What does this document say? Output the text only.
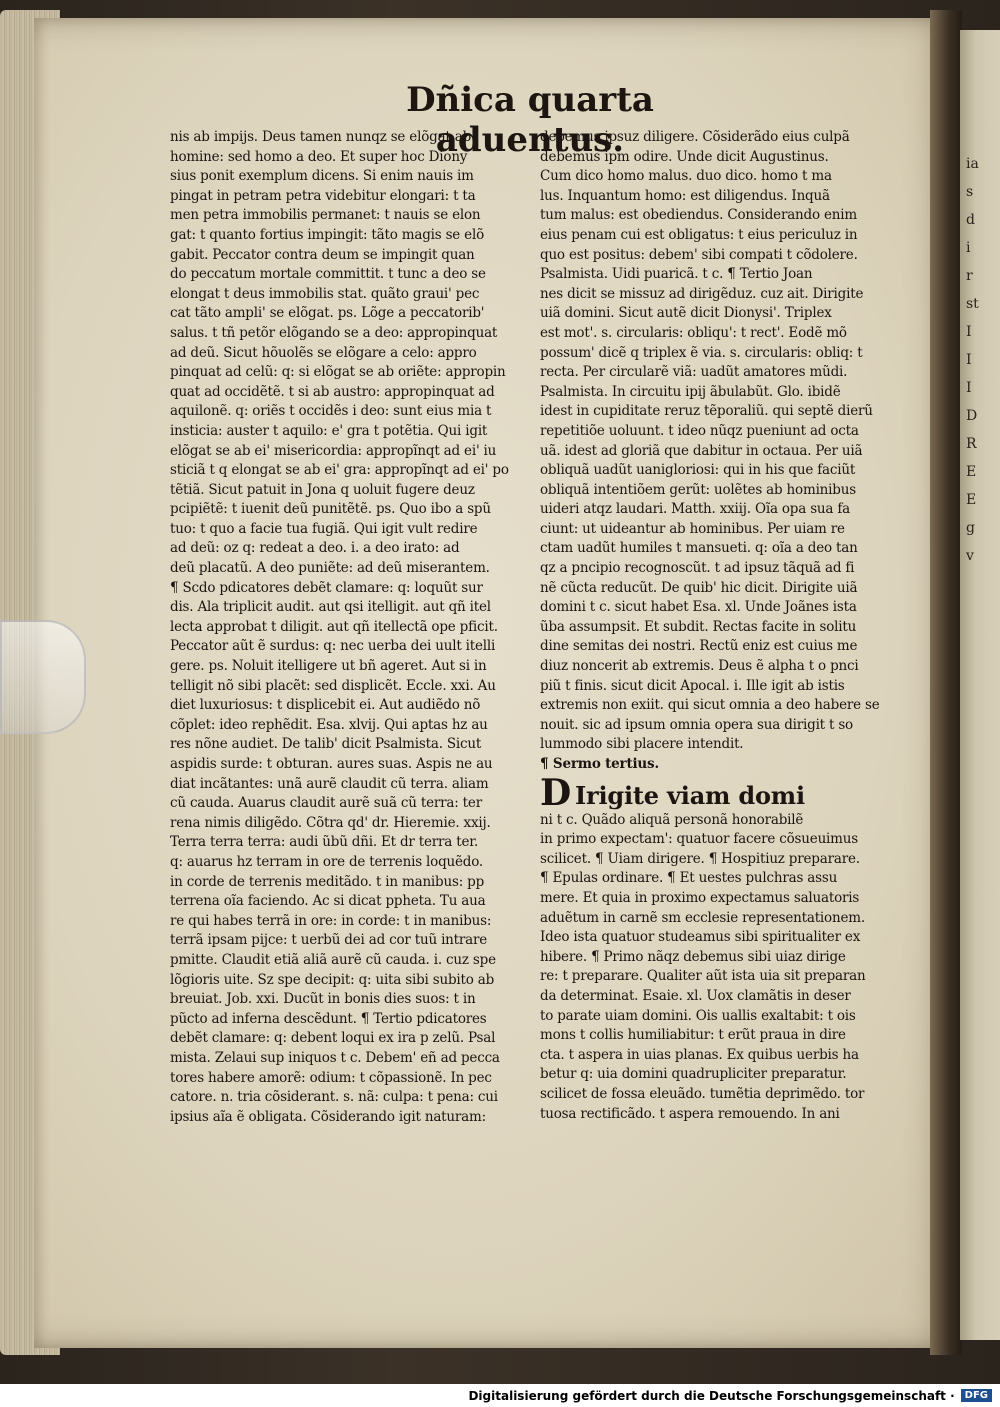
ia
s
d
i
r
st
I
I
I
D
R
E
E
g
v
Dñica quarta aduentus.
nis ab impijs. Deus tamen nunqz se elõgat ab
homine: sed homo a deo. Et super hoc Diony
sius ponit exemplum dicens. Si enim nauis im
pingat in petram petra videbitur elongari: t ta
men petra immobilis permanet: t nauis se elon
gat: t quanto fortius impingit: tãto magis se elõ
gabit. Peccator contra deum se impingit quan
do peccatum mortale committit. t tunc a deo se
elongat t deus immobilis stat. quãto graui' pec
cat tãto ampli' se elõgat. ps. Lõge a peccatorib'
salus. t tñ petõr elõgando se a deo: appropinquat
ad deũ. Sicut hõuolẽs se elõgare a celo: appro
pinquat ad celũ: q: si elõgat se ab oriẽte: appropin
quat ad occidẽtẽ. t si ab austro: appropinquat ad
aquilonẽ. q: oriẽs t occidẽs i deo: sunt eius mia t
insticia: auster t aquilo: e' gra t potẽtia. Qui igit
elõgat se ab ei' misericordia: appropĩnqt ad ei' iu
sticiã t q elongat se ab ei' gra: appropĩnqt ad ei' po
tẽtiã. Sicut patuit in Jona q uoluit fugere deuz
pcipiẽtẽ: t iuenit deũ punitẽtẽ. ps. Quo ibo a spũ
tuo: t quo a facie tua fugiã. Qui igit vult redire
ad deũ: oz q: redeat a deo. i. a deo irato: ad
deũ placatũ. A deo puniẽte: ad deũ miserantem.
¶ Scdo pdicatores debẽt clamare: q: loquũt sur
dis. Ala triplicit audit. aut qsi itelligit. aut qñ itel
lecta approbat t diligit. aut qñ itellectã ope pficit.
Peccator aũt ẽ surdus: q: nec uerba dei uult itelli
gere. ps. Noluit itelligere ut bñ ageret. Aut si in
telligit nõ sibi placẽt: sed displicẽt. Eccle. xxi. Au
diet luxuriosus: t displicebit ei. Aut audiẽdo nõ
cõplet: ideo rephẽdit. Esa. xlvij. Qui aptas hz au
res nõne audiet. De talib' dicit Psalmista. Sicut
aspidis surde: t obturan. aures suas. Aspis ne au
diat incãtantes: unã aurẽ claudit cũ terra. aliam
cũ cauda. Auarus claudit aurẽ suã cũ terra: ter
rena nimis diligẽdo. Cõtra qd' dr. Hieremie. xxij.
Terra terra terra: audi ũbũ dñi. Et dr terra ter.
q: auarus hz terram in ore de terrenis loquẽdo.
in corde de terrenis meditãdo. t in manibus: pp
terrena oĩa faciendo. Ac si dicat ppheta. Tu aua
re qui habes terrã in ore: in corde: t in manibus:
terrã ipsam pijce: t uerbũ dei ad cor tuũ intrare
pmitte. Claudit etiã aliã aurẽ cũ cauda. i. cuz spe
lõgioris uite. Sz spe decipit: q: uita sibi subito ab
breuiat. Job. xxi. Ducũt in bonis dies suos: t in
pũcto ad inferna descẽdunt. ¶ Tertio pdicatores
debẽt clamare: q: debent loqui ex ira p zelũ. Psal
mista. Zelaui sup iniquos t c. Debem' eñ ad pecca
tores habere amorẽ: odium: t cõpassionẽ. In pec
catore. n. tria cõsiderant. s. nã: culpa: t pena: cui
ipsius aĩa ẽ obligata. Cõsiderando igit naturam:
debemus ipsuz diligere. Cõsiderãdo eius culpã
debemus ipm odire. Unde dicit Augustinus.
Cum dico homo malus. duo dico. homo t ma
lus. Inquantum homo: est diligendus. Inquã
tum malus: est obediendus. Considerando enim
eius penam cui est obligatus: t eius periculuz in
quo est positus: debem' sibi compati t cõdolere.
Psalmista. Uidi puaricã. t c. ¶ Tertio Joan
nes dicit se missuz ad dirigẽduz. cuz ait. Dirigite
uiã domini. Sicut autẽ dicit Dionysi'. Triplex
est mot'. s. circularis: obliqu': t rect'. Eodẽ mõ
possum' dicẽ q triplex ẽ via. s. circularis: obliq: t
recta. Per circularẽ viã: uadũt amatores mũdi.
Psalmista. In circuitu ipij ãbulabũt. Glo. ibidẽ
idest in cupiditate reruz tẽporaliũ. qui septẽ dierũ
repetitiõe uoluunt. t ideo nũqz pueniunt ad octa
uã. idest ad gloriã que dabitur in octaua. Per uiã
obliquã uadũt uanigloriosi: qui in his que faciũt
obliquã intentiõem gerũt: uolẽtes ab hominibus
uideri atqz laudari. Matth. xxiij. Oĩa opa sua fa
ciunt: ut uideantur ab hominibus. Per uiam re
ctam uadũt humiles t mansueti. q: oĩa a deo tan
qz a pncipio recognoscũt. t ad ipsuz tãquã ad fi
nẽ cũcta reducũt. De quib' hic dicit. Dirigite uiã
domini t c. sicut habet Esa. xl. Unde Joãnes ista
ũba assumpsit. Et subdit. Rectas facite in solitu
dine semitas dei nostri. Rectũ eniz est cuius me
diuz noncerit ab extremis. Deus ẽ alpha t o pnci
piũ t finis. sicut dicit Apocal. i. Ille igit ab istis
extremis non exiit. qui sicut omnia a deo habere se
nouit. sic ad ipsum omnia opera sua dirigit t so
lummodo sibi placere intendit.
¶ Sermo tertius.
D Irigite viam domi
ni t c. Quãdo aliquã personã honorabilẽ
in primo expectam': quatuor facere cõsueuimus
scilicet. ¶ Uiam dirigere. ¶ Hospitiuz preparare.
¶ Epulas ordinare. ¶ Et uestes pulchras assu
mere. Et quia in proximo expectamus saluatoris
aduẽtum in carnẽ sm ecclesie representationem.
Ideo ista quatuor studeamus sibi spiritualiter ex
hibere. ¶ Primo nãqz debemus sibi uiaz dirige
re: t preparare. Qualiter aũt ista uia sit preparan
da determinat. Esaie. xl. Uox clamãtis in deser
to parate uiam domini. Ois uallis exaltabit: t ois
mons t collis humiliabitur: t erũt praua in dire
cta. t aspera in uias planas. Ex quibus uerbis ha
betur q: uia domini quadrupliciter preparatur.
scilicet de fossa eleuãdo. tumẽtia deprimẽdo. tor
tuosa rectificãdo. t aspera remouendo. In ani
Digitalisierung gefördert durch die Deutsche Forschungsgemeinschaft ·	DFG
